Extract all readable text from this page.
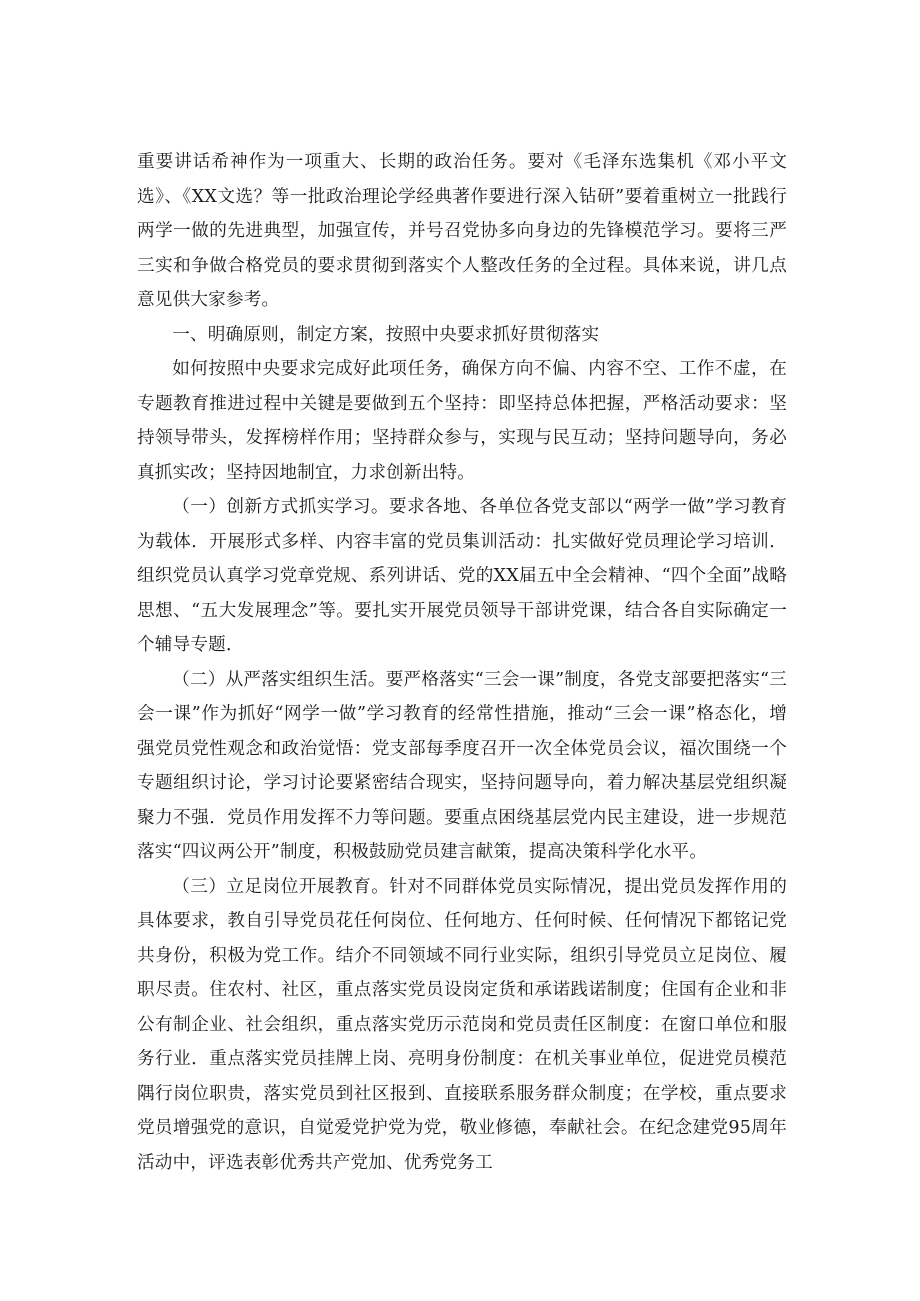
重要讲话希神作为一项重大、长期的政治任务。要对《毛泽东选集机《邓小平文选》、《XX文选？等一批政治理论学经典著作要进行深入钻研”要着重树立一批践行两学一做的先进典型，加强宣传，并号召党协多向身边的先锋模范学习。要将三严三实和争做合格党员的要求贯彻到落实个人整改任务的全过程。具体来说，讲几点意见供大家参考。

一、明确原则，制定方案，按照中央要求抓好贯彻落实

如何按照中央要求完成好此项任务，确保方向不偏、内容不空、工作不虚，在专题教育推进过程中关键是要做到五个坚持：即坚持总体把握，严格活动要求：坚持领导带头，发挥榜样作用；坚持群众参与，实现与民互动；坚持问题导向，务必真抓实改；坚持因地制宜，力求创新出特。

（一）创新方式抓实学习。要求各地、各单位各党支部以“两学一做”学习教育为载体．开展形式多样、内容丰富的党员集训活动：扎实做好党员理论学习培训．组织党员认真学习党章党规、系列讲话、党的XX届五中全会精神、“四个全面”战略思想、“五大发展理念”等。要扎实开展党员领导干部讲党课，结合各自实际确定一个辅导专题．

（二）从严落实组织生活。要严格落实“三会一课”制度，各党支部要把落实“三会一课”作为抓好“网学一做”学习教育的经常性措施，推动“三会一课”格态化，增强党员党性观念和政治觉悟：党支部每季度召开一次全体党员会议，福次围绕一个专题组织讨论，学习讨论要紧密结合现实，坚持问题导向，着力解决基层党组织凝聚力不强．党员作用发挥不力等问题。要重点困绕基层党内民主建设，进一步规范落实“四议两公开”制度，积极鼓励党员建言献策，提高决策科学化水平。

（三）立足岗位开展教育。针对不同群体党员实际情况，提出党员发挥作用的具体要求，教自引导党员花任何岗位、任何地方、任何时候、任何情况下都铭记党共身份，积极为党工作。结介不同领域不同行业实际，组织引导党员立足岗位、履职尽责。住农村、社区，重点落实党员设岗定货和承诺践诺制度；住国有企业和非公有制企业、社会组织，重点落实党历示范岗和党员责任区制度：在窗口单位和服务行业．重点落实党员挂牌上岗、亮明身份制度：在机关事业单位，促进党员模范隅行岗位职贵，落实党员到社区报到、直接联系服务群众制度；在学校，重点要求党员增强党的意识，自觉爱党护党为党，敬业修德，奉献社会。在纪念建党95周年活动中，评选表彰优秀共产党加、优秀党务工
